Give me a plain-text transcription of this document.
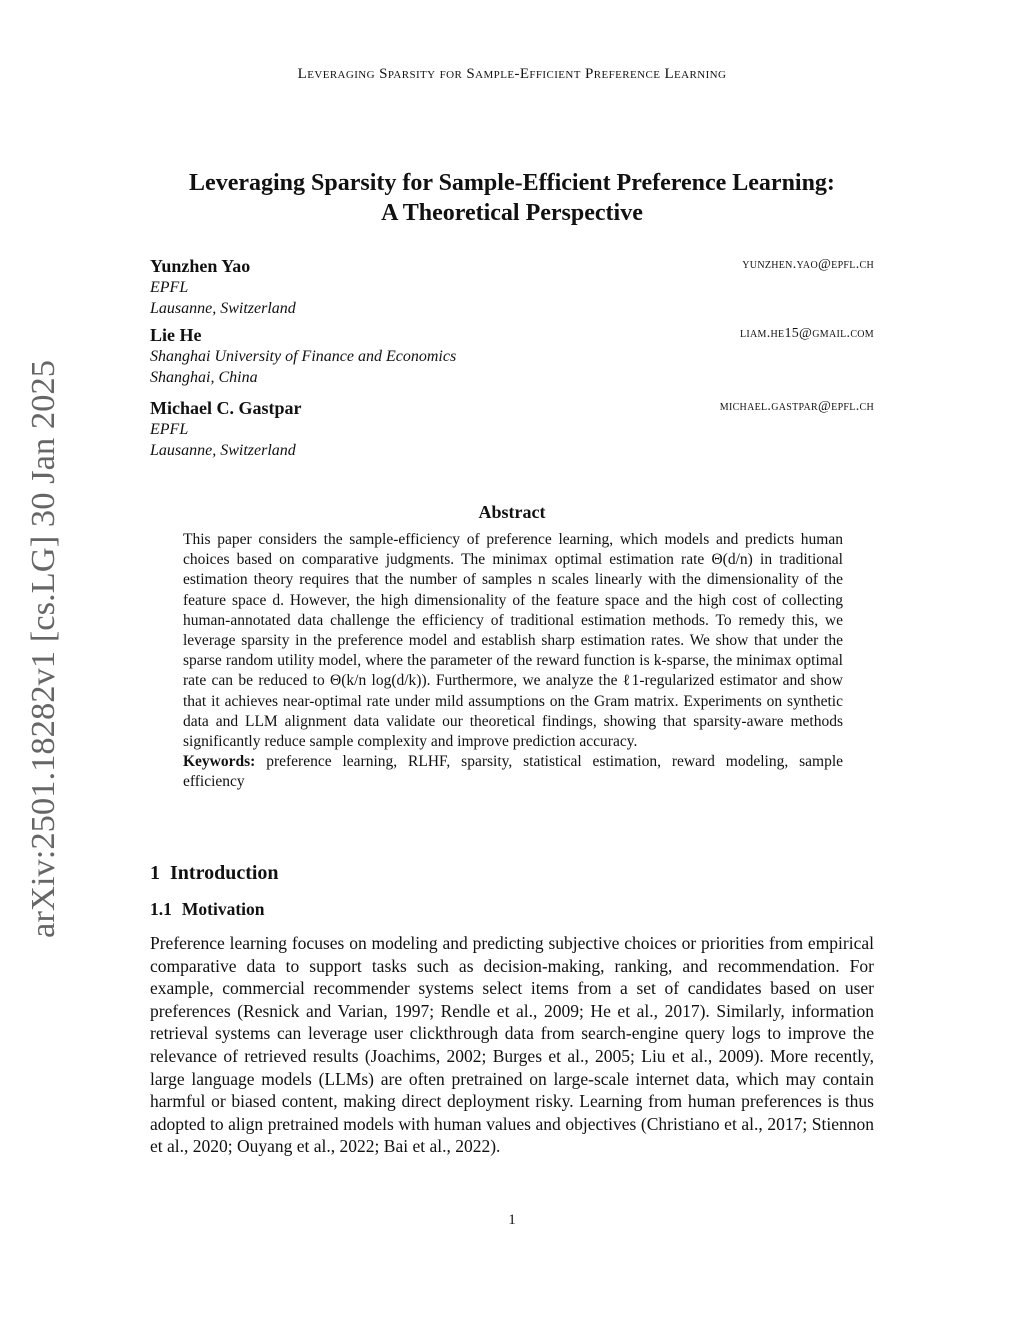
Leveraging Sparsity for Sample-Efficient Preference Learning
arXiv:2501.18282v1 [cs.LG] 30 Jan 2025
Leveraging Sparsity for Sample-Efficient Preference Learning:
A Theoretical Perspective
Yunzhen Yao	yunzhen.yao@epfl.ch
EPFL
Lausanne, Switzerland
Lie He	liam.he15@gmail.com
Shanghai University of Finance and Economics
Shanghai, China
Michael C. Gastpar	michael.gastpar@epfl.ch
EPFL
Lausanne, Switzerland
Abstract

This paper considers the sample-efficiency of preference learning, which models and predicts human choices based on comparative judgments. The minimax optimal estimation rate Θ(d/n) in traditional estimation theory requires that the number of samples n scales linearly with the dimensionality of the feature space d. However, the high dimensionality of the feature space and the high cost of collecting human-annotated data challenge the efficiency of traditional estimation methods. To remedy this, we leverage sparsity in the preference model and establish sharp estimation rates. We show that under the sparse random utility model, where the parameter of the reward function is k-sparse, the minimax optimal rate can be reduced to Θ(k/n log(d/k)). Furthermore, we analyze the ℓ1-regularized estimator and show that it achieves near-optimal rate under mild assumptions on the Gram matrix. Experiments on synthetic data and LLM alignment data validate our theoretical findings, showing that sparsity-aware methods significantly reduce sample complexity and improve prediction accuracy.

Keywords: preference learning, RLHF, sparsity, statistical estimation, reward modeling, sample efficiency

1 Introduction
1.1 Motivation

Preference learning focuses on modeling and predicting subjective choices or priorities from empirical comparative data to support tasks such as decision-making, ranking, and recommendation. For example, commercial recommender systems select items from a set of candidates based on user preferences (Resnick and Varian, 1997; Rendle et al., 2009; He et al., 2017). Similarly, information retrieval systems can leverage user clickthrough data from search-engine query logs to improve the relevance of retrieved results (Joachims, 2002; Burges et al., 2005; Liu et al., 2009). More recently, large language models (LLMs) are often pretrained on large-scale internet data, which may contain harmful or biased content, making direct deployment risky. Learning from human preferences is thus adopted to align pretrained models with human values and objectives (Christiano et al., 2017; Stiennon et al., 2020; Ouyang et al., 2022; Bai et al., 2022).

1
